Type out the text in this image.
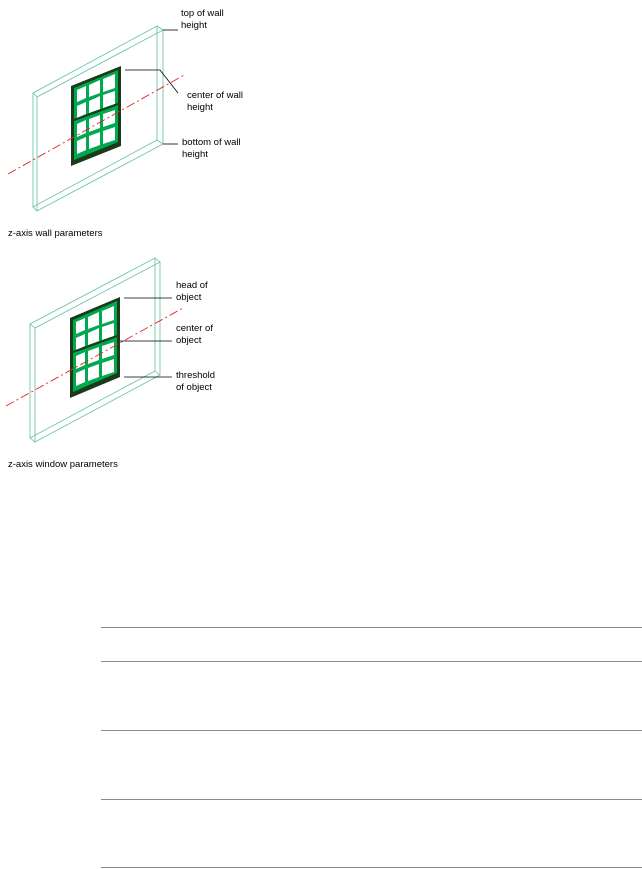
top of wall
height
center of wall
height
bottom of wall
height
z-axis wall parameters
head of
object
center of
object
threshold
of object
z-axis window parameters
